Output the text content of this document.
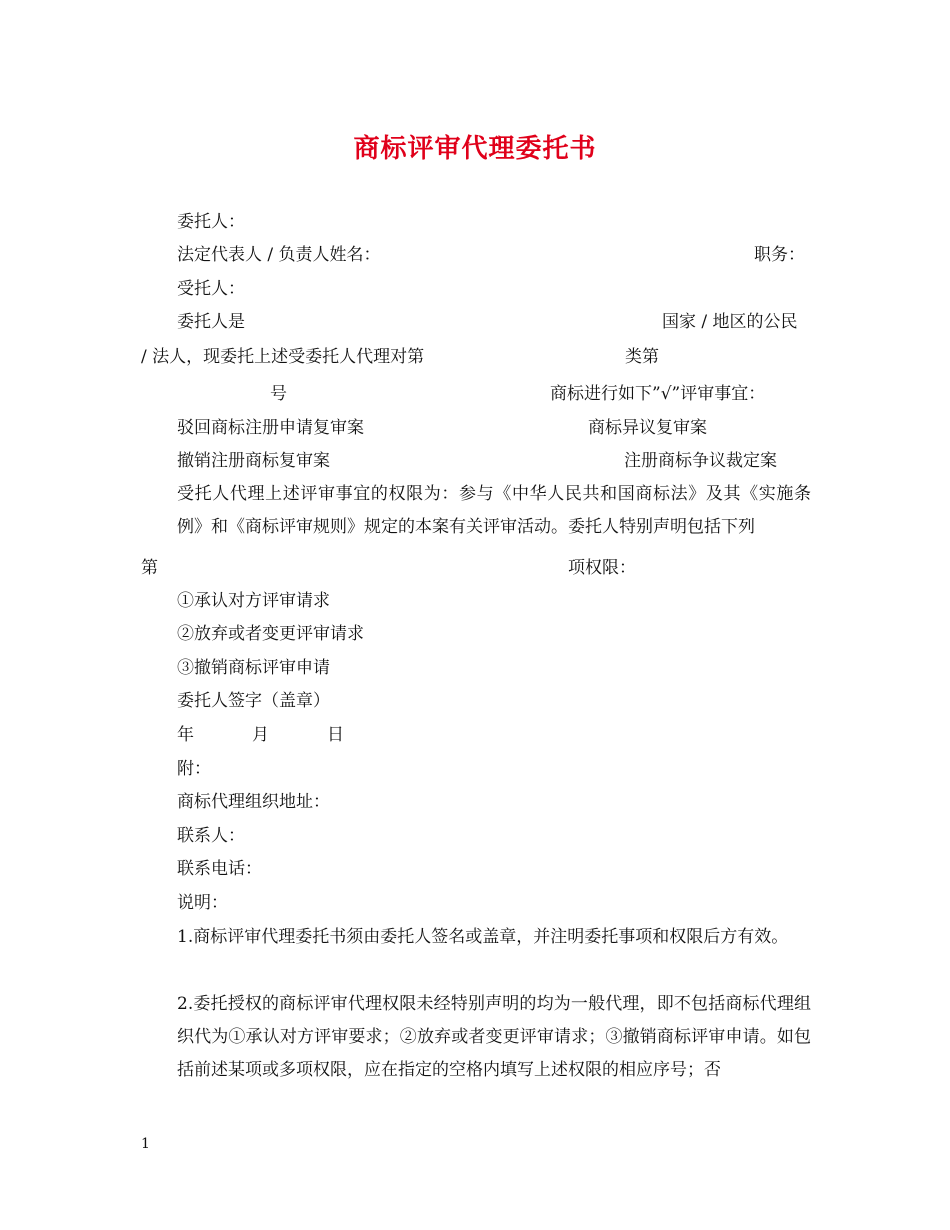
商标评审代理委托书
委托人：
法定代表人 / 负责人姓名：	职务：
受托人：
委托人是	国家 / 地区的公民
/ 法人，现委托上述受委托人代理对第	类第
号	商标进行如下”√”评审事宜：
驳回商标注册申请复审案	商标异议复审案
撤销注册商标复审案	注册商标争议裁定案
受托人代理上述评审事宜的权限为：参与《中华人民共和国商标法》及其《实施条例》和《商标评审规则》规定的本案有关评审活动。委托人特别声明包括下列
第	项权限：
①承认对方评审请求
②放弃或者变更评审请求
③撤销商标评审申请
委托人签字（盖章）
年	月	日
附：
商标代理组织地址：
联系人：
联系电话：
说明：
1.商标评审代理委托书须由委托人签名或盖章，并注明委托事项和权限后方有效。
2.委托授权的商标评审代理权限未经特别声明的均为一般代理，即不包括商标代理组织代为①承认对方评审要求；②放弃或者变更评审请求；③撤销商标评审申请。如包括前述某项或多项权限，应在指定的空格内填写上述权限的相应序号；否
1
